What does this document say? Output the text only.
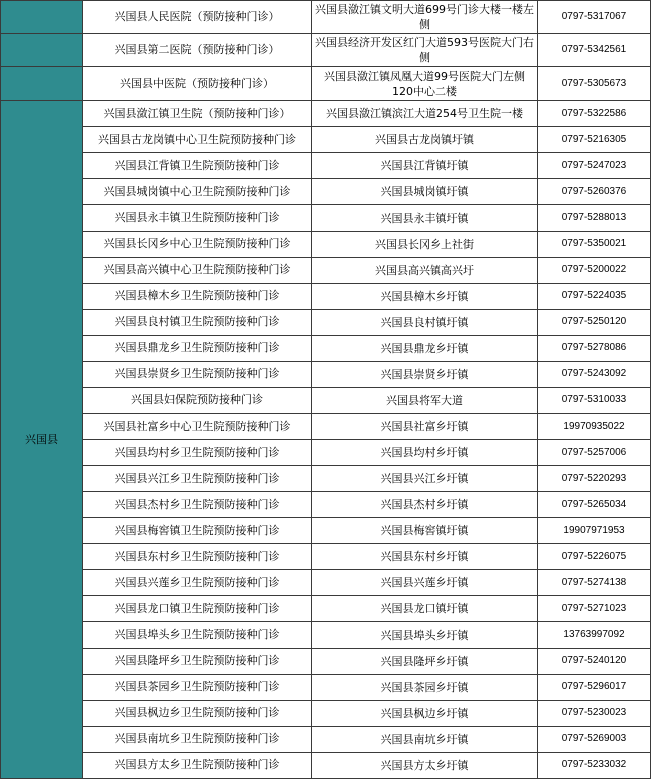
	兴国县人民医院（预防接种门诊）	兴国县潋江镇文明大道699号门诊大楼一楼左侧	0797-5317067
	兴国县第二医院（预防接种门诊）	兴国县经济开发区红门大道593号医院大门右侧	0797-5342561
	兴国县中医院（预防接种门诊）	兴国县潋江镇凤凰大道99号医院大门左侧120中心二楼	0797-5305673
兴国县	兴国县潋江镇卫生院（预防接种门诊）	兴国县潋江镇滨江大道254号卫生院一楼	0797-5322586
	兴国县古龙岗镇中心卫生院预防接种门诊	兴国县古龙岗镇圩镇	0797-5216305
	兴国县江背镇卫生院预防接种门诊	兴国县江背镇圩镇	0797-5247023
	兴国县城岗镇中心卫生院预防接种门诊	兴国县城岗镇圩镇	0797-5260376
	兴国县永丰镇卫生院预防接种门诊	兴国县永丰镇圩镇	0797-5288013
	兴国县长冈乡中心卫生院预防接种门诊	兴国县长冈乡上社街	0797-5350021
	兴国县高兴镇中心卫生院预防接种门诊	兴国县高兴镇高兴圩	0797-5200022
	兴国县樟木乡卫生院预防接种门诊	兴国县樟木乡圩镇	0797-5224035
	兴国县良村镇卫生院预防接种门诊	兴国县良村镇圩镇	0797-5250120
	兴国县鼎龙乡卫生院预防接种门诊	兴国县鼎龙乡圩镇	0797-5278086
	兴国县崇贤乡卫生院预防接种门诊	兴国县崇贤乡圩镇	0797-5243092
	兴国县妇保院预防接种门诊	兴国县将军大道	0797-5310033
	兴国县社富乡中心卫生院预防接种门诊	兴国县社富乡圩镇	19970935022
	兴国县均村乡卫生院预防接种门诊	兴国县均村乡圩镇	0797-5257006
	兴国县兴江乡卫生院预防接种门诊	兴国县兴江乡圩镇	0797-5220293
	兴国县杰村乡卫生院预防接种门诊	兴国县杰村乡圩镇	0797-5265034
	兴国县梅窖镇卫生院预防接种门诊	兴国县梅窖镇圩镇	19907971953
	兴国县东村乡卫生院预防接种门诊	兴国县东村乡圩镇	0797-5226075
	兴国县兴莲乡卫生院预防接种门诊	兴国县兴莲乡圩镇	0797-5274138
	兴国县龙口镇卫生院预防接种门诊	兴国县龙口镇圩镇	0797-5271023
	兴国县埠头乡卫生院预防接种门诊	兴国县埠头乡圩镇	13763997092
	兴国县隆坪乡卫生院预防接种门诊	兴国县隆坪乡圩镇	0797-5240120
	兴国县茶园乡卫生院预防接种门诊	兴国县茶园乡圩镇	0797-5296017
	兴国县枫边乡卫生院预防接种门诊	兴国县枫边乡圩镇	0797-5230023
	兴国县南坑乡卫生院预防接种门诊	兴国县南坑乡圩镇	0797-5269003
	兴国县方太乡卫生院预防接种门诊	兴国县方太乡圩镇	0797-5233032
